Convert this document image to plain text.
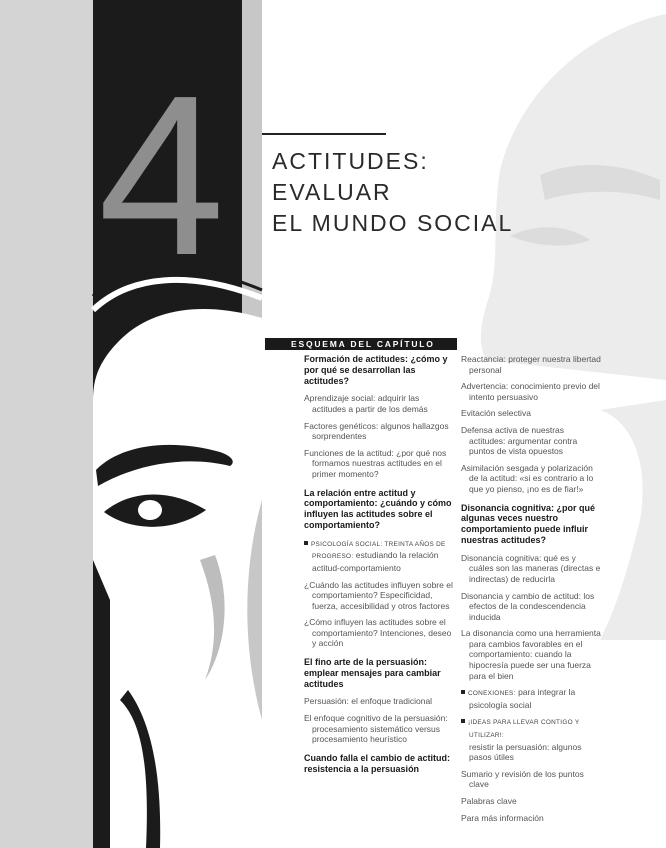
4 ACTITUDES:
EVALUAR
EL MUNDO SOCIAL
ESQUEMA DEL CAPÍTULO
Formación de actitudes: ¿cómo y por qué se desarrollan las actitudes?
Aprendizaje social: adquirir las actitudes a partir de los demás
Factores genéticos: algunos hallazgos sorprendentes
Funciones de la actitud: ¿por qué nos formamos nuestras actitudes en el primer momento?
La relación entre actitud y comportamiento: ¿cuándo y cómo influyen las actitudes sobre el comportamiento?
PSICOLOGÍA SOCIAL: TREINTA AÑOS DE PROGRESO: estudiando la relación actitud-comportamiento
¿Cuándo las actitudes influyen sobre el comportamiento? Especificidad, fuerza, accesibilidad y otros factores
¿Cómo influyen las actitudes sobre el comportamiento? Intenciones, deseo y acción
El fino arte de la persuasión: emplear mensajes para cambiar actitudes
Persuasión: el enfoque tradicional
El enfoque cognitivo de la persuasión: procesamiento sistemático versus procesamiento heurístico
Cuando falla el cambio de actitud: resistencia a la persuasión
Reactancia: proteger nuestra libertad personal
Advertencia: conocimiento previo del intento persuasivo
Evitación selectiva
Defensa activa de nuestras actitudes: argumentar contra puntos de vista opuestos
Asimilación sesgada y polarización de la actitud: «si es contrario a lo que yo pienso, ¡no es de fiar!»
Disonancia cognitiva: ¿por qué algunas veces nuestro comportamiento puede influir nuestras actitudes?
Disonancia cognitiva: qué es y cuáles son las maneras (directas e indirectas) de reducirla
Disonancia y cambio de actitud: los efectos de la condescendencia inducida
La disonancia como una herramienta para cambios favorables en el comportamiento: cuando la hipocresía puede ser una fuerza para el bien
CONEXIONES: para integrar la psicología social
¡IDEAS PARA LLEVAR CONTIGO Y UTILIZAR!:
resistir la persuasión: algunos pasos útiles
Sumario y revisión de los puntos clave
Palabras clave
Para más información
